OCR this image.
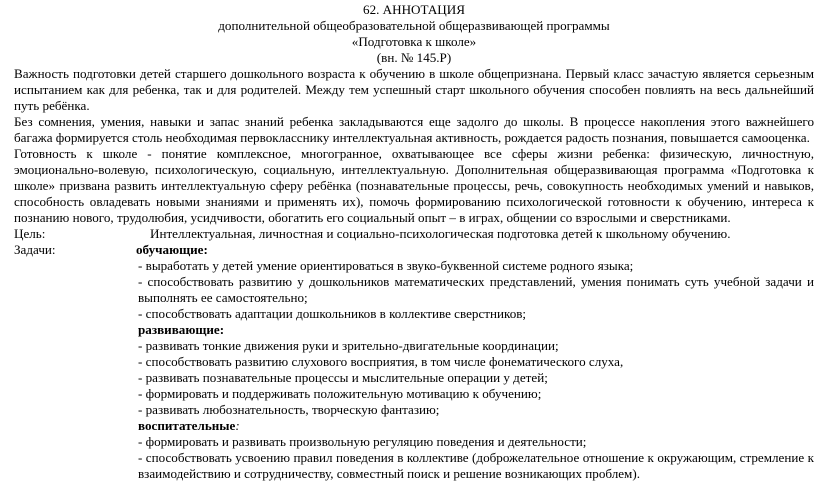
62. АННОТАЦИЯ
дополнительной общеобразовательной общеразвивающей программы
«Подготовка к школе»
(вн. № 145.Р)
Важность подготовки детей старшего дошкольного возраста к обучению в школе общепризнана. Первый класс зачастую является серьезным испытанием как для ребенка, так и для родителей. Между тем успешный старт школьного обучения способен повлиять на весь дальнейший путь ребёнка.
Без сомнения, умения, навыки и запас знаний ребенка закладываются еще задолго до школы. В процессе накопления этого важнейшего багажа формируется столь необходимая первокласснику интеллектуальная активность, рождается радость познания, повышается самооценка.
Готовность к школе - понятие комплексное, многогранное, охватывающее все сферы жизни ребенка: физическую, личностную, эмоционально-волевую, психологическую, социальную, интеллектуальную. Дополнительная общеразвивающая программа «Подготовка к школе» призвана развить интеллектуальную сферу ребёнка (познавательные процессы, речь, совокупность необходимых умений и навыков, способность овладевать новыми знаниями и применять их), помочь формированию психологической готовности к обучению, интереса к познанию нового, трудолюбия, усидчивости, обогатить его социальный опыт – в играх, общении со взрослыми и сверстниками.
Цель:	Интеллектуальная, личностная и социально-психологическая подготовка детей к школьному обучению.
Задачи:	обучающие:
- выработать у детей умение ориентироваться в звуко-буквенной системе родного языка;
- способствовать развитию у дошкольников математических представлений, умения понимать суть учебной задачи и выполнять ее самостоятельно;
- способствовать адаптации дошкольников в коллективе сверстников;
развивающие:
- развивать тонкие движения руки и зрительно-двигательные координации;
- способствовать развитию слухового восприятия, в том числе фонематического слуха,
- развивать познавательные процессы и мыслительные операции у детей;
- формировать и поддерживать положительную мотивацию к обучению;
- развивать любознательность, творческую фантазию;
воспитательные:
- формировать и развивать произвольную регуляцию поведения и деятельности;
- способствовать усвоению правил поведения в коллективе (доброжелательное отношение к окружающим, стремление к взаимодействию и сотрудничеству, совместный поиск и решение возникающих проблем).
